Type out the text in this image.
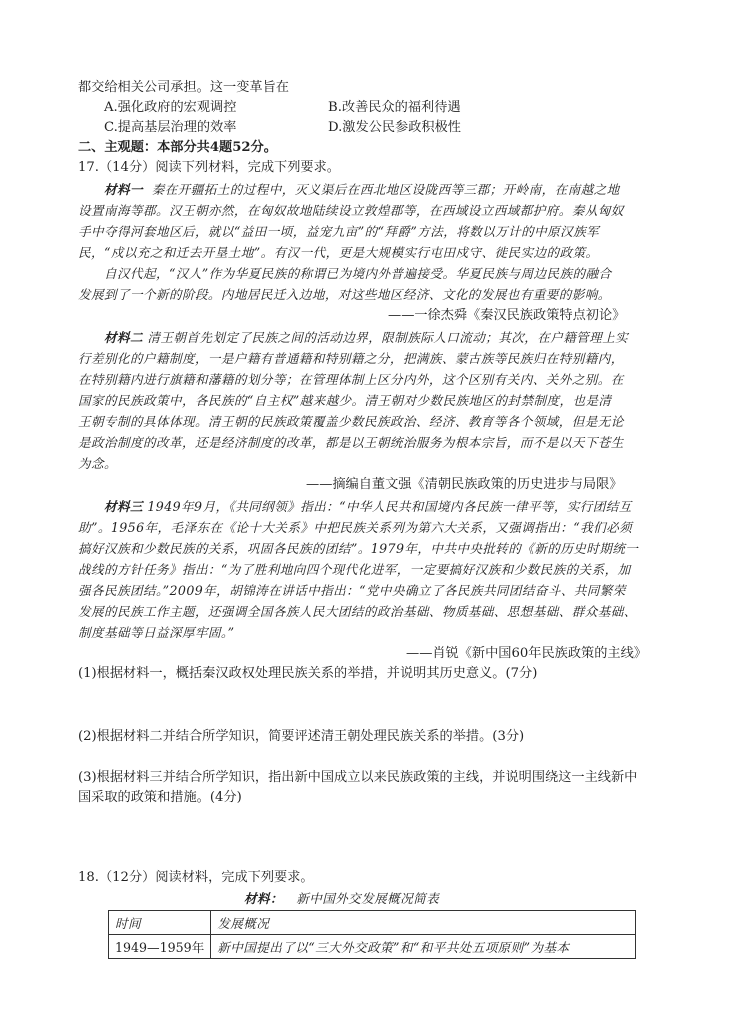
都交给相关公司承担。这一变革旨在
A.强化政府的宏观调控	B.改善民众的福利待遇
C.提高基层治理的效率	D.激发公民参政积极性
二、主观题：本部分共4题52分。
17.（14分）阅读下列材料，完成下列要求。
材料一 秦在开疆拓土的过程中，灭义渠后在西北地区设陇西等三郡；开岭南，在南越之地
设置南海等郡。汉王朝亦然，在匈奴故地陆续设立敦煌郡等，在西域设立西域都护府。秦从匈奴
手中夺得河套地区后，就以“益田一顷，益宠九亩”的“拜爵”方法，将数以万计的中原汉族军
民，“戍以充之和迁去开垦土地”。有汉一代，更是大规模实行屯田戍守、徙民实边的政策。
自汉代起，“汉人”作为华夏民族的称谓已为境内外普遍接受。华夏民族与周边民族的融合
发展到了一个新的阶段。内地居民迁入边地，对这些地区经济、文化的发展也有重要的影响。
——一徐杰舜《秦汉民族政策特点初论》
材料二 清王朝首先划定了民族之间的活动边界，限制族际人口流动；其次，在户籍管理上实
行差别化的户籍制度，一是户籍有普通籍和特别籍之分，把满族、蒙古族等民族归在特别籍内，
在特别籍内进行旗籍和藩籍的划分等；在管理体制上区分内外，这个区别有关内、关外之别。在
国家的民族政策中，各民族的“自主权”越来越少。清王朝对少数民族地区的封禁制度，也是清
王朝专制的具体体现。清王朝的民族政策覆盖少数民族政治、经济、教育等各个领域，但是无论
是政治制度的改革，还是经济制度的改革，都是以王朝统治服务为根本宗旨，而不是以天下苍生
为念。
——摘编自董文强《清朝民族政策的历史进步与局限》
材料三 1949年9月，《共同纲领》指出：“中华人民共和国境内各民族一律平等，实行团结互
助”。1956年，毛泽东在《论十大关系》中把民族关系列为第六大关系，又强调指出：“我们必须
搞好汉族和少数民族的关系，巩固各民族的团结”。1979年，中共中央批转的《新的历史时期统一
战线的方针任务》指出：“为了胜利地向四个现代化进军，一定要搞好汉族和少数民族的关系，加
强各民族团结。”2009年，胡锦涛在讲话中指出：“党中央确立了各民族共同团结奋斗、共同繁荣
发展的民族工作主题，还强调全国各族人民大团结的政治基础、物质基础、思想基础、群众基础、
制度基础等日益深厚牢固。”
——肖锐《新中国60年民族政策的主线》
(1)根据材料一，概括秦汉政权处理民族关系的举措，并说明其历史意义。(7分)
(2)根据材料二并结合所学知识，简要评述清王朝处理民族关系的举措。(3分)
(3)根据材料三并结合所学知识，指出新中国成立以来民族政策的主线，并说明围绕这一主线新中
国采取的政策和措施。(4分)
18.（12分）阅读材料，完成下列要求。
材料： 新中国外交发展概况简表
时间	发展概况
1949—1959年	新中国提出了以“三大外交政策”和“和平共处五项原则”为基本
